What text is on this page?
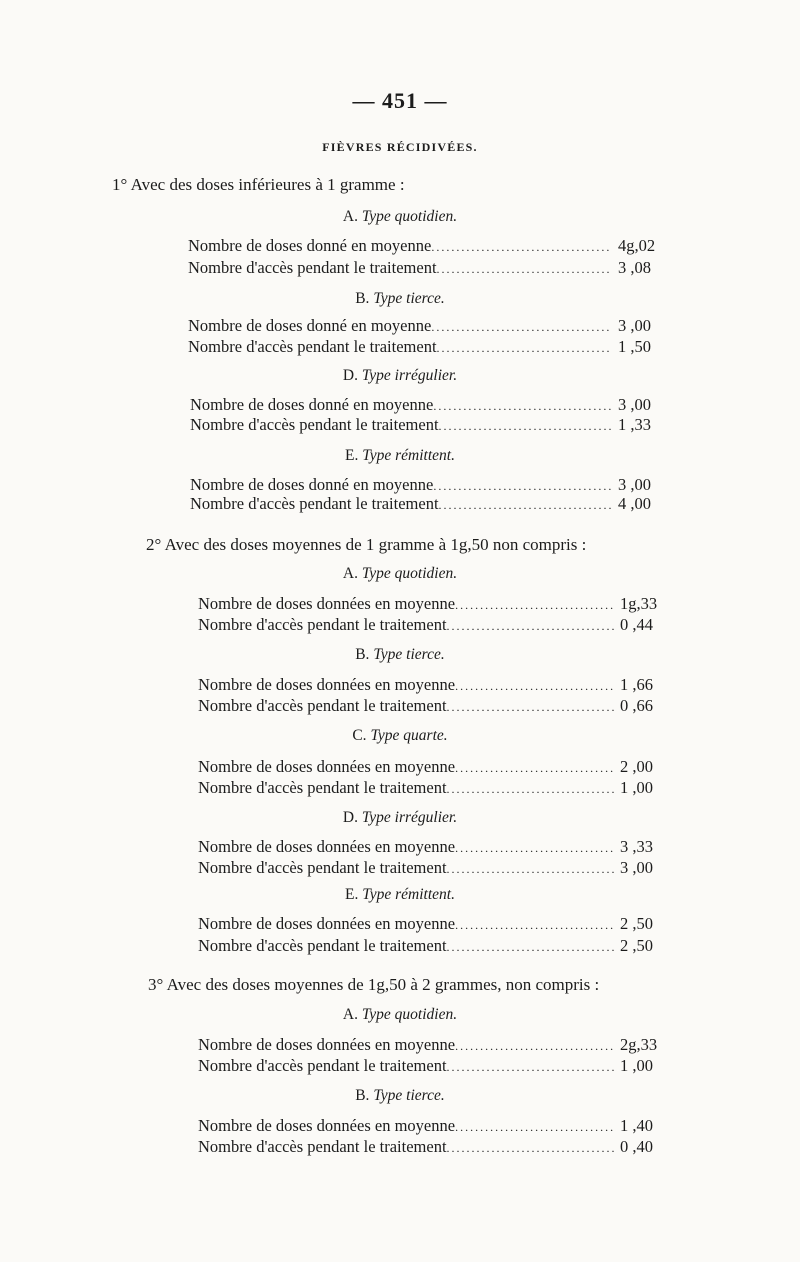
— 451 —
FIÈVRES RÉCIDIVÉES.
1° Avec des doses inférieures à 1 gramme :
A. Type quotidien.
Nombre de doses donné en moyenne .....	4g,02
Nombre d'accès pendant le traitement .....	3 ,08
B. Type tierce.
Nombre de doses donné en moyenne .....	3 ,00
Nombre d'accès pendant le traitement .....	1 ,50
D. Type irrégulier.
Nombre de doses donné en moyenne .....	3 ,00
Nombre d'accès pendant le traitement .....	1 ,33
E. Type rémittent.
Nombre de doses donné en moyenne .....	3 ,00
Nombre d'accès pendant le traitement .....	4 ,00
2° Avec des doses moyennes de 1 gramme à 1g,50 non compris :
A. Type quotidien.
Nombre de doses données en moyenne .....	1g,33
Nombre d'accès pendant le traitement .....	0 ,44
B. Type tierce.
Nombre de doses données en moyenne .....	1 ,66
Nombre d'accès pendant le traitement .....	0 ,66
C. Type quarte.
Nombre de doses données en moyenne .....	2 ,00
Nombre d'accès pendant le traitement .....	1 ,00
D. Type irrégulier.
Nombre de doses données en moyenne .....	3 ,33
Nombre d'accès pendant le traitement .....	3 ,00
E. Type rémittent.
Nombre de doses données en moyenne .....	2 ,50
Nombre d'accès pendant le traitement .....	2 ,50
3° Avec des doses moyennes de 1g,50 à 2 grammes, non compris :
A. Type quotidien.
Nombre de doses données en moyenne .....	2g,33
Nombre d'accès pendant le traitement .....	1 ,00
B. Type tierce.
Nombre de doses données en moyenne .....	1 ,40
Nombre d'accès pendant le traitement .....	0 ,40
